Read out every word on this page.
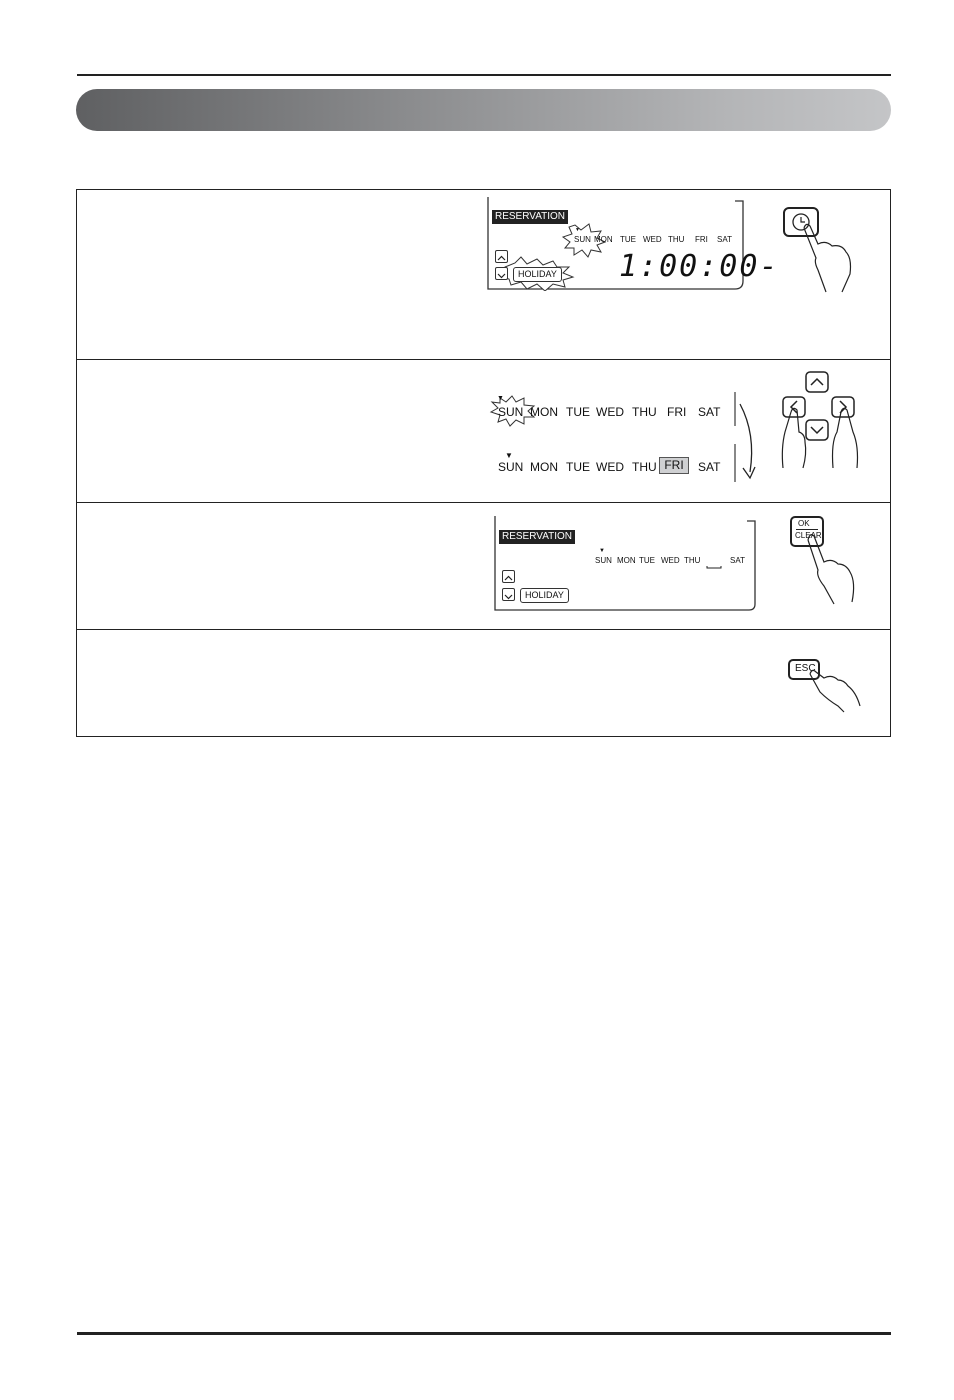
RESERVATION
▼
SUN MON TUE WED THU FRI SAT
HOLIDAY 1:00:00-
▼
SUN MON TUE WED THU FRI SAT
▼
SUN MON TUE WED THU FRI	SAT
RESERVATION
▼
SUN MON TUE WED THU	SAT
HOLIDAY
OK
CLEAR
ESC
